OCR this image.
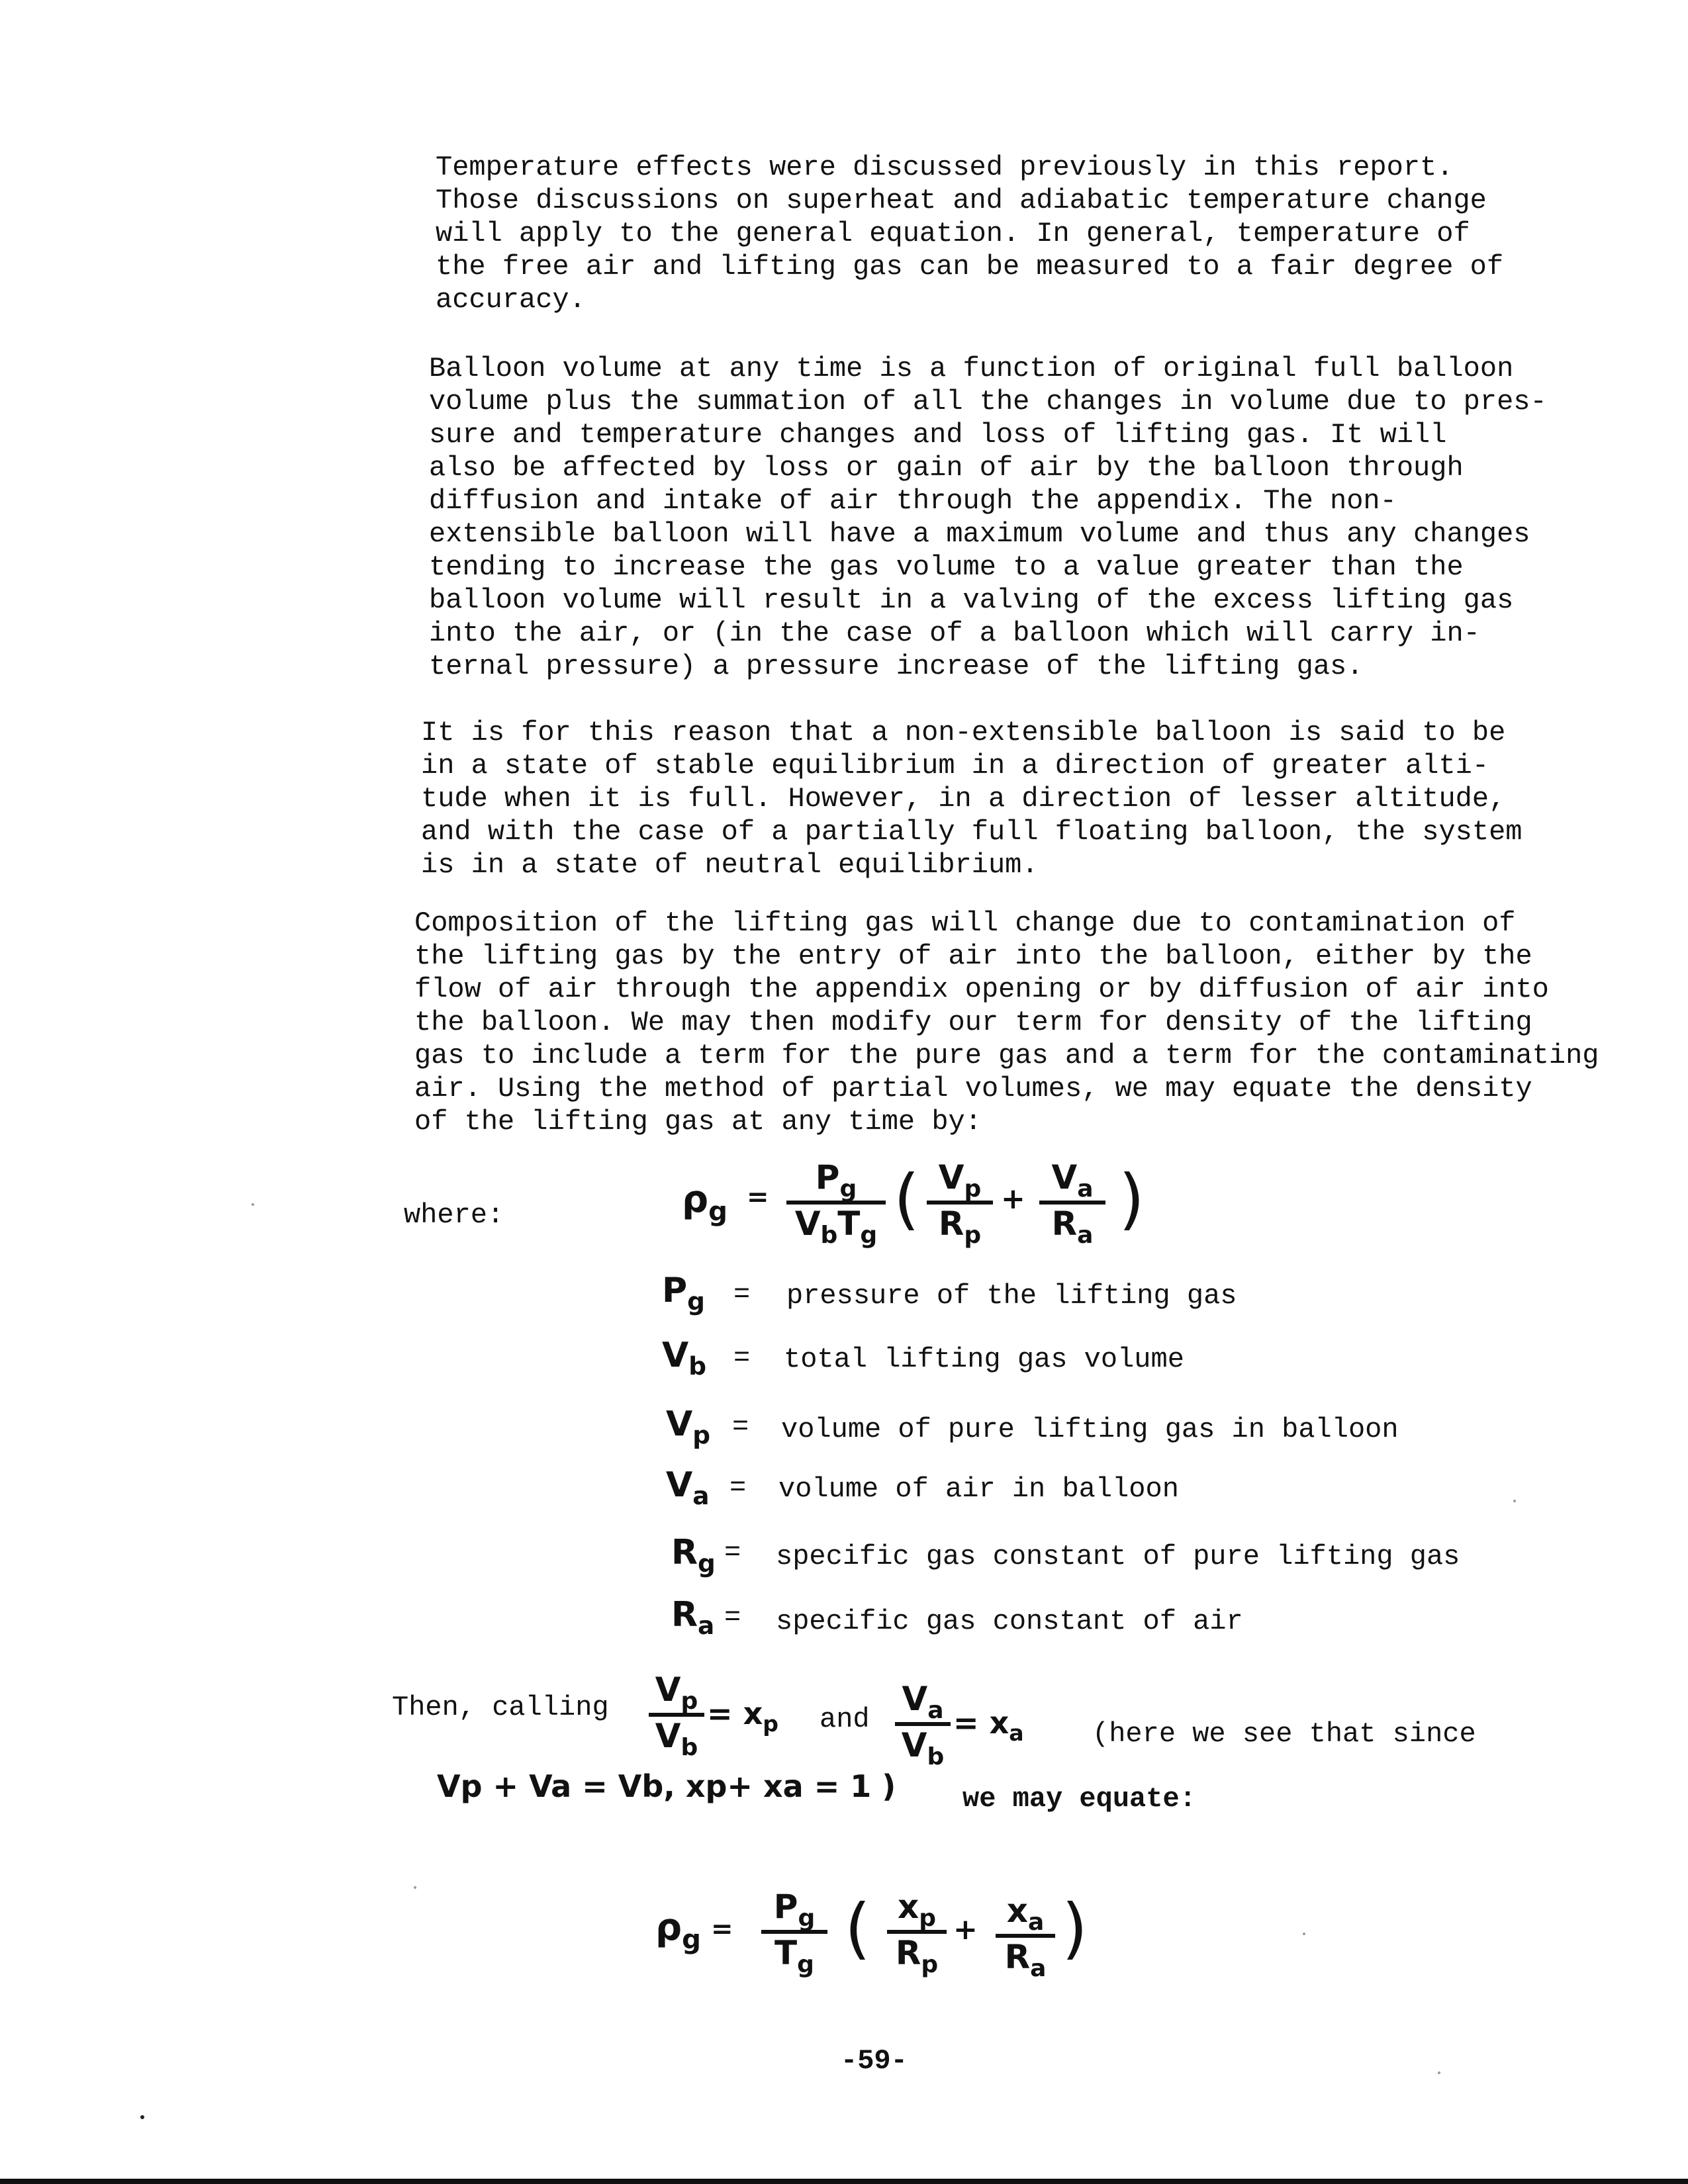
Temperature effects were discussed previously in this report.
Those discussions on superheat and adiabatic temperature change
will apply to the general equation. In general, temperature of
the free air and lifting gas can be measured to a fair degree of
accuracy.
Balloon volume at any time is a function of original full balloon
volume plus the summation of all the changes in volume due to pres-
sure and temperature changes and loss of lifting gas. It will
also be affected by loss or gain of air by the balloon through
diffusion and intake of air through the appendix. The non-
extensible balloon will have a maximum volume and thus any changes
tending to increase the gas volume to a value greater than the
balloon volume will result in a valving of the excess lifting gas
into the air, or (in the case of a balloon which will carry in-
ternal pressure) a pressure increase of the lifting gas.
It is for this reason that a non-extensible balloon is said to be
in a state of stable equilibrium in a direction of greater alti-
tude when it is full. However, in a direction of lesser altitude,
and with the case of a partially full floating balloon, the system
is in a state of neutral equilibrium.
Composition of the lifting gas will change due to contamination of
the lifting gas by the entry of air into the balloon, either by the
flow of air through the appendix opening or by diffusion of air into
the balloon. We may then modify our term for density of the lifting
gas to include a term for the pure gas and a term for the contaminating
air. Using the method of partial volumes, we may equate the density
of the lifting gas at any time by:
where:	$\rho_g$ =
$P_g$
$V_bT_g$ ( $V_p$
$R_p$
+
$V_a$
$R_a$ )
$P_g$ = pressure of the lifting gas
$V_b$ = total lifting gas volume
$V_p$ = volume of pure lifting gas in balloon
$V_a$ = volume of air in balloon
$R_g$ = specific gas constant of pure lifting gas
$R_a$ = specific gas constant of air
Then, calling $V_p$
$V_b$
= $x_p$ and
$V_a$
$V_b$
= $x_a$ (here we see that since
Vp + Va = Vb, xp+ xa = 1 ) we may equate:
$\rho_g$ =
$P_g$
$T_g$ ( $x_p$
$R_p$
+ $x_a$
$R_a$
)
-59-
